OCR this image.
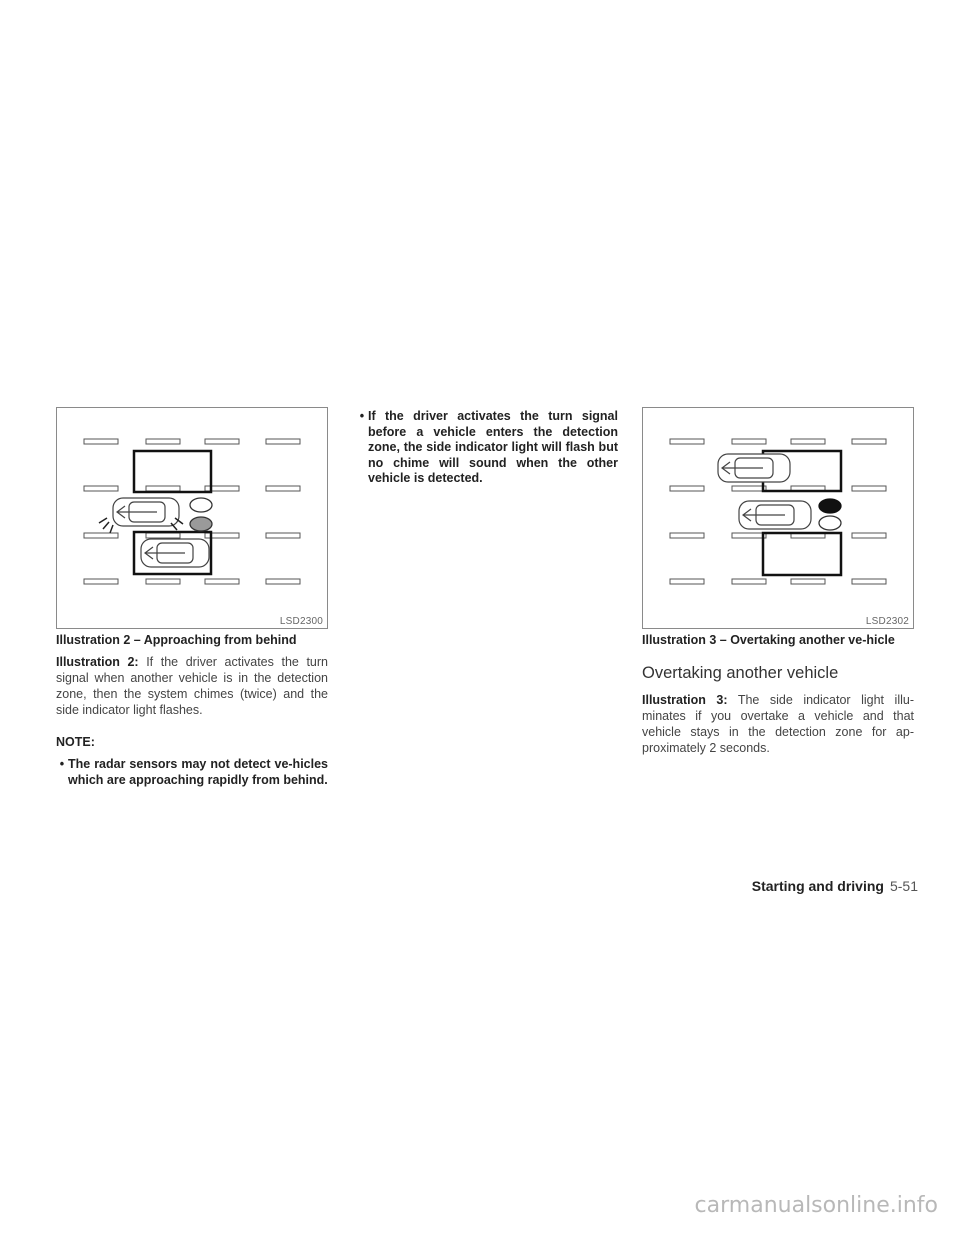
LSD2300

Illustration 2 – Approaching from behind

Illustration 2: If the driver activates the turn signal when another vehicle is in the detection zone, then the system chimes (twice) and the side indicator light flashes.

NOTE:

• The radar sensors may not detect ve-hicles which are approaching rapidly from behind.
• If the driver activates the turn signal before a vehicle enters the detection zone, the side indicator light will flash but no chime will sound when the other vehicle is detected.
LSD2302

Illustration 3 – Overtaking another ve-hicle

Overtaking another vehicle

Illustration 3: The side indicator light illu-minates if you overtake a vehicle and that vehicle stays in the detection zone for ap-proximately 2 seconds.

Starting and driving 5-51
carmanualsonline.info
